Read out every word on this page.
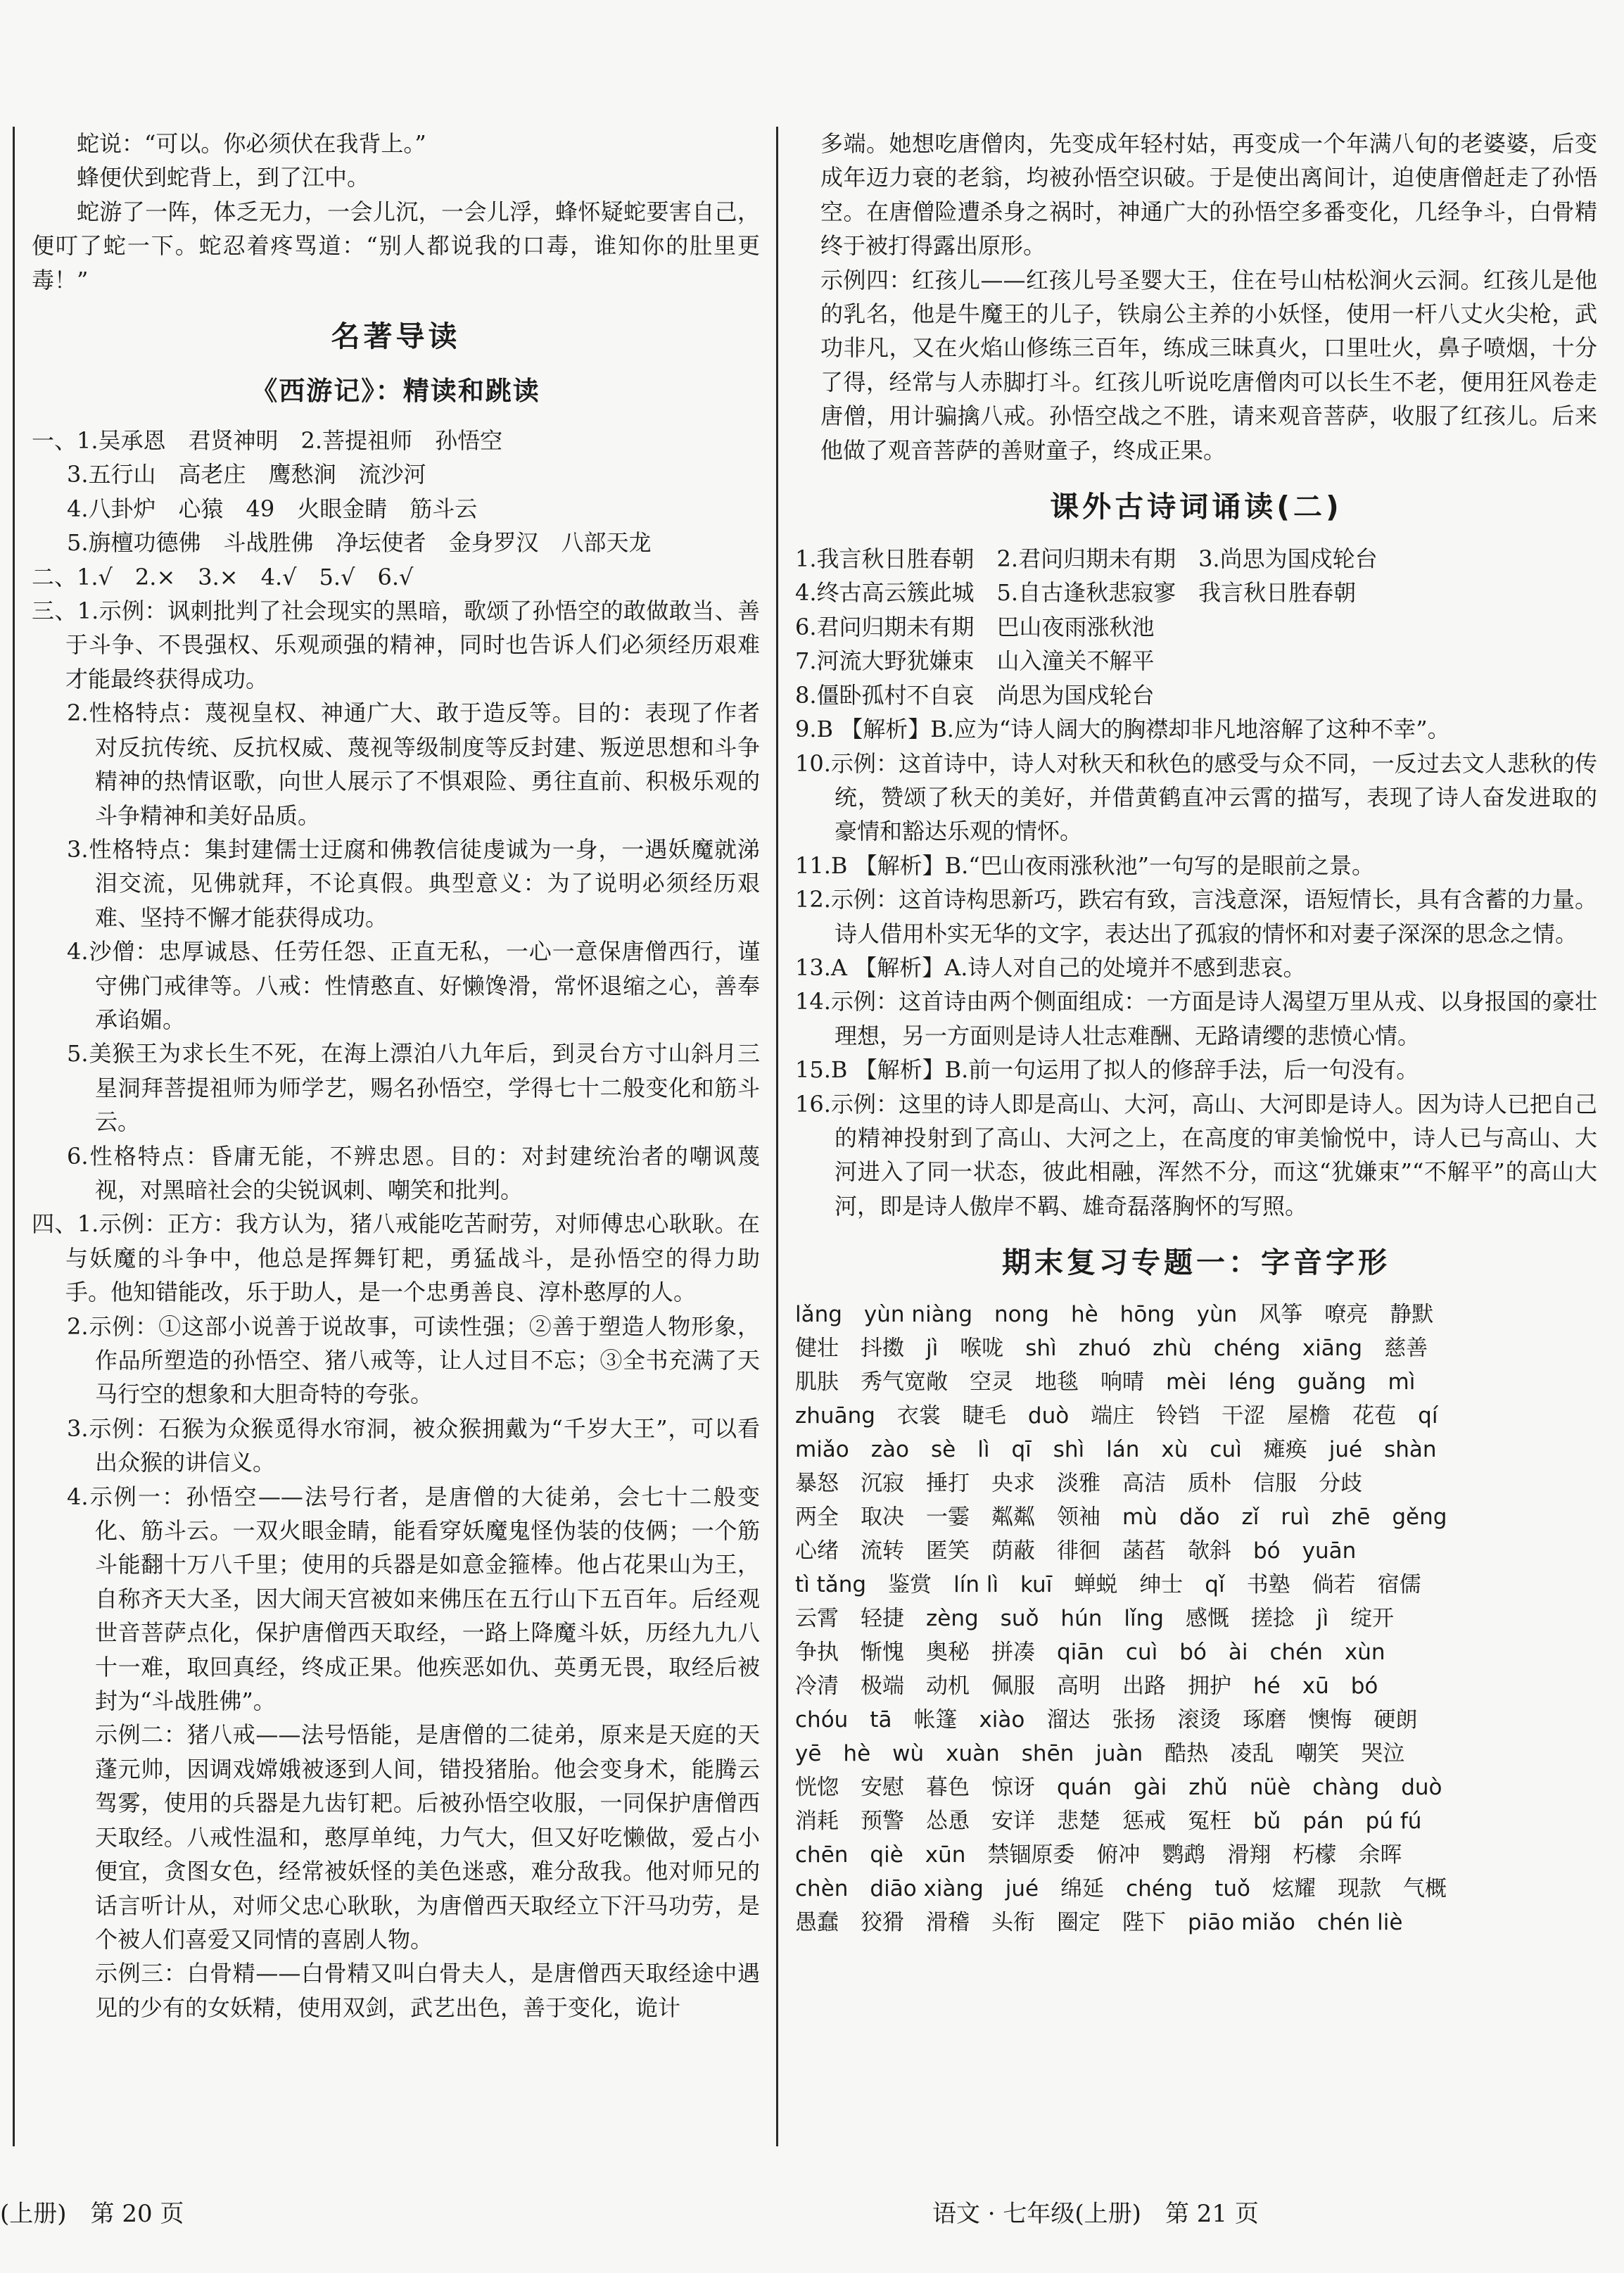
蛇说：“可以。你必须伏在我背上。”

蜂便伏到蛇背上，到了江中。

蛇游了一阵，体乏无力，一会儿沉，一会儿浮，蜂怀疑蛇要害自己，便叮了蛇一下。蛇忍着疼骂道：“别人都说我的口毒，谁知你的肚里更毒！”

名著导读
《西游记》：精读和跳读

一、1.吴承恩　君贤神明　2.菩提祖师　孙悟空

3.五行山　高老庄　鹰愁涧　流沙河

4.八卦炉　心猿　49　火眼金睛　筋斗云

5.旃檀功德佛　斗战胜佛　净坛使者　金身罗汉　八部天龙

二、1.√　2.×　3.×　4.√　5.√　6.√

三、1.示例：讽刺批判了社会现实的黑暗，歌颂了孙悟空的敢做敢当、善于斗争、不畏强权、乐观顽强的精神，同时也告诉人们必须经历艰难才能最终获得成功。

2.性格特点：蔑视皇权、神通广大、敢于造反等。目的：表现了作者对反抗传统、反抗权威、蔑视等级制度等反封建、叛逆思想和斗争精神的热情讴歌，向世人展示了不惧艰险、勇往直前、积极乐观的斗争精神和美好品质。

3.性格特点：集封建儒士迂腐和佛教信徒虔诚为一身，一遇妖魔就涕泪交流，见佛就拜，不论真假。典型意义：为了说明必须经历艰难、坚持不懈才能获得成功。

4.沙僧：忠厚诚恳、任劳任怨、正直无私，一心一意保唐僧西行，谨守佛门戒律等。八戒：性情憨直、好懒馋滑，常怀退缩之心，善奉承谄媚。

5.美猴王为求长生不死，在海上漂泊八九年后，到灵台方寸山斜月三星洞拜菩提祖师为师学艺，赐名孙悟空，学得七十二般变化和筋斗云。

6.性格特点：昏庸无能，不辨忠恩。目的：对封建统治者的嘲讽蔑视，对黑暗社会的尖锐讽刺、嘲笑和批判。

四、1.示例：正方：我方认为，猪八戒能吃苦耐劳，对师傅忠心耿耿。在与妖魔的斗争中，他总是挥舞钉耙，勇猛战斗，是孙悟空的得力助手。他知错能改，乐于助人，是一个忠勇善良、淳朴憨厚的人。

2.示例：①这部小说善于说故事，可读性强；②善于塑造人物形象，作品所塑造的孙悟空、猪八戒等，让人过目不忘；③全书充满了天马行空的想象和大胆奇特的夸张。

3.示例：石猴为众猴觅得水帘洞，被众猴拥戴为“千岁大王”，可以看出众猴的讲信义。

4.示例一：孙悟空——法号行者，是唐僧的大徒弟，会七十二般变化、筋斗云。一双火眼金睛，能看穿妖魔鬼怪伪装的伎俩；一个筋斗能翻十万八千里；使用的兵器是如意金箍棒。他占花果山为王，自称齐天大圣，因大闹天宫被如来佛压在五行山下五百年。后经观世音菩萨点化，保护唐僧西天取经，一路上降魔斗妖，历经九九八十一难，取回真经，终成正果。他疾恶如仇、英勇无畏，取经后被封为“斗战胜佛”。

示例二：猪八戒——法号悟能，是唐僧的二徒弟，原来是天庭的天蓬元帅，因调戏嫦娥被逐到人间，错投猪胎。他会变身术，能腾云驾雾，使用的兵器是九齿钉耙。后被孙悟空收服，一同保护唐僧西天取经。八戒性温和，憨厚单纯，力气大，但又好吃懒做，爱占小便宜，贪图女色，经常被妖怪的美色迷惑，难分敌我。他对师兄的话言听计从，对师父忠心耿耿，为唐僧西天取经立下汗马功劳，是个被人们喜爱又同情的喜剧人物。

示例三：白骨精——白骨精又叫白骨夫人，是唐僧西天取经途中遇见的少有的女妖精，使用双剑，武艺出色，善于变化，诡计

多端。她想吃唐僧肉，先变成年轻村姑，再变成一个年满八旬的老婆婆，后变成年迈力衰的老翁，均被孙悟空识破。于是使出离间计，迫使唐僧赶走了孙悟空。在唐僧险遭杀身之祸时，神通广大的孙悟空多番变化，几经争斗，白骨精终于被打得露出原形。

示例四：红孩儿——红孩儿号圣婴大王，住在号山枯松涧火云洞。红孩儿是他的乳名，他是牛魔王的儿子，铁扇公主养的小妖怪，使用一杆八丈火尖枪，武功非凡，又在火焰山修练三百年，练成三昧真火，口里吐火，鼻子喷烟，十分了得，经常与人赤脚打斗。红孩儿听说吃唐僧肉可以长生不老，便用狂风卷走唐僧，用计骗擒八戒。孙悟空战之不胜，请来观音菩萨，收服了红孩儿。后来他做了观音菩萨的善财童子，终成正果。

课外古诗词诵读(二)

1.我言秋日胜春朝　2.君问归期未有期　3.尚思为国戍轮台

4.终古高云簇此城　5.自古逢秋悲寂寥　我言秋日胜春朝

6.君问归期未有期　巴山夜雨涨秋池

7.河流大野犹嫌束　山入潼关不解平

8.僵卧孤村不自哀　尚思为国戍轮台

9.B 【解析】B.应为“诗人阔大的胸襟却非凡地溶解了这种不幸”。

10.示例：这首诗中，诗人对秋天和秋色的感受与众不同，一反过去文人悲秋的传统，赞颂了秋天的美好，并借黄鹤直冲云霄的描写，表现了诗人奋发进取的豪情和豁达乐观的情怀。

11.B 【解析】B.“巴山夜雨涨秋池”一句写的是眼前之景。

12.示例：这首诗构思新巧，跌宕有致，言浅意深，语短情长，具有含蓄的力量。诗人借用朴实无华的文字，表达出了孤寂的情怀和对妻子深深的思念之情。

13.A 【解析】A.诗人对自己的处境并不感到悲哀。

14.示例：这首诗由两个侧面组成：一方面是诗人渴望万里从戎、以身报国的豪壮理想，另一方面则是诗人壮志难酬、无路请缨的悲愤心情。

15.B 【解析】B.前一句运用了拟人的修辞手法，后一句没有。

16.示例：这里的诗人即是高山、大河，高山、大河即是诗人。因为诗人已把自己的精神投射到了高山、大河之上，在高度的审美愉悦中，诗人已与高山、大河进入了同一状态，彼此相融，浑然不分，而这“犹嫌束”“不解平”的高山大河，即是诗人傲岸不羁、雄奇磊落胸怀的写照。

期末复习专题一：字音字形

lǎng　yùn niàng　nong　hè　hōng　yùn　风筝　嘹亮　静默

健壮　抖擞　jì　喉咙　shì　zhuó　zhù　chéng　xiāng　慈善

肌肤　秀气宽敞　空灵　地毯　响晴　mèi　léng　guǎng　mì

zhuāng　衣裳　睫毛　duò　端庄　铃铛　干涩　屋檐　花苞　qí

miǎo　zào　sè　lì　qī　shì　lán　xù　cuì　瘫痪　jué　shàn

暴怒　沉寂　捶打　央求　淡雅　高洁　质朴　信服　分歧

两全　取决　一霎　粼粼　领袖　mù　dǎo　zǐ　ruì　zhē　gěng

心绪　流转　匿笑　荫蔽　徘徊　菡萏　欹斜　bó　yuān

tì tǎng　鉴赏　lín lì　kuī　蝉蜕　绅士　qǐ　书塾　倘若　宿儒

云霄　轻捷　zèng　suǒ　hún　lǐng　感慨　搓捻　jì　绽开

争执　惭愧　奥秘　拼凑　qiān　cuì　bó　ài　chén　xùn

冷清　极端　动机　佩服　高明　出路　拥护　hé　xū　bó

chóu　tā　帐篷　xiào　溜达　张扬　滚烫　琢磨　懊悔　硬朗

yē　hè　wù　xuàn　shēn　juàn　酷热　凌乱　嘲笑　哭泣

恍惚　安慰　暮色　惊讶　quán　gài　zhǔ　nüè　chàng　duò

消耗　预警　怂恿　安详　悲楚　惩戒　冤枉　bǔ　pán　pú fú

chēn　qiè　xūn　禁锢原委　俯冲　鹦鹉　滑翔　朽檬　余晖

chèn　diāo xiàng　jué　绵延　chéng　tuǒ　炫耀　现款　气概

愚蠢　狡猾　滑稽　头衔　圈定　陛下　piāo miǎo　chén liè

(上册)　第 20 页	语文 · 七年级(上册)　第 21 页
